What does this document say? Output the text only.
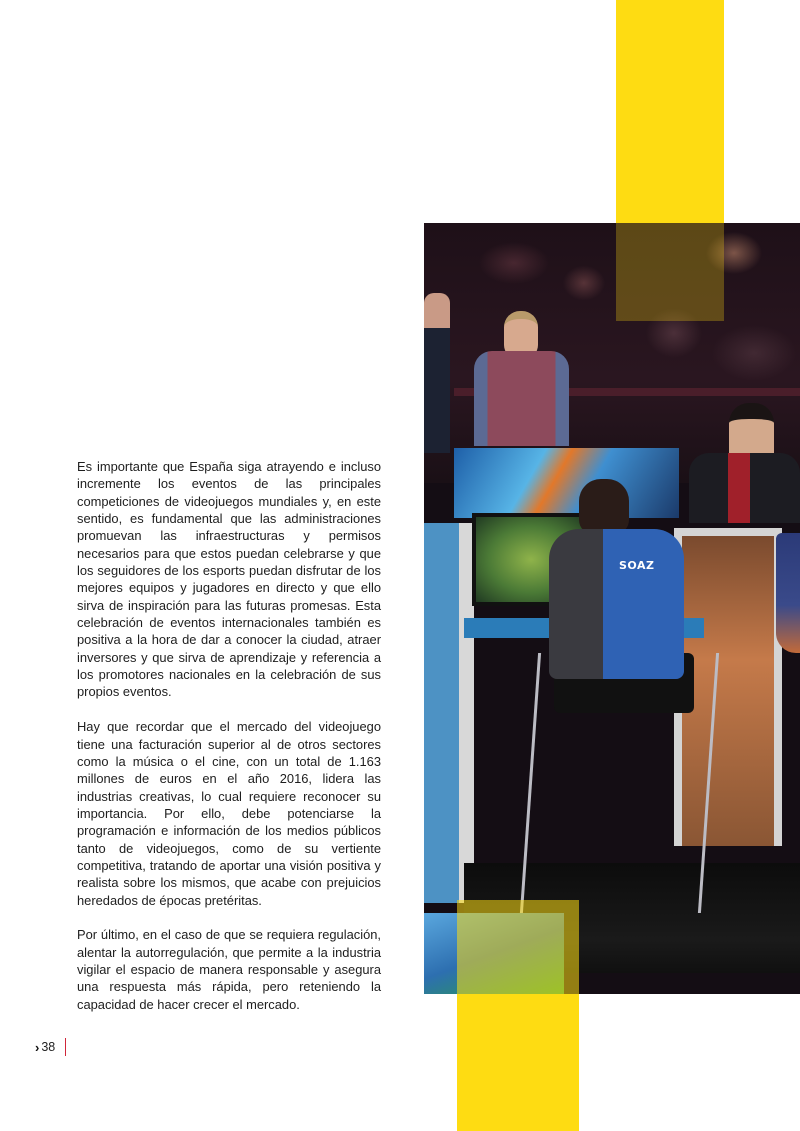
SOAZ

Es importante que España siga atrayendo e incluso incremente los eventos de las principales competiciones de videojuegos mundiales y, en este sentido, es fundamental que las administraciones promuevan las infraestructuras y permisos necesarios para que estos puedan celebrarse y que los seguidores de los esports puedan disfrutar de los mejores equipos y jugadores en directo y que ello sirva de inspiración para las futuras promesas. Esta celebración de eventos internacionales también es positiva a la hora de dar a conocer la ciudad, atraer inversores y que sirva de aprendizaje y referencia a los promotores nacionales en la celebración de sus propios eventos.

Hay que recordar que el mercado del videojuego tiene una facturación superior al de otros sectores como la música o el cine, con un total de 1.163 millones de euros en el año 2016, lidera las industrias creativas, lo cual requiere reconocer su importancia. Por ello, debe potenciarse la programación e información de los medios públicos tanto de videojuegos, como de su vertiente competitiva, tratando de aportar una visión positiva y realista sobre los mismos, que acabe con prejuicios heredados de épocas pretéritas.

Por último, en el caso de que se requiera regulación, alentar la autorregulación, que permite a la industria vigilar el espacio de manera responsable y asegura una respuesta más rápida, pero reteniendo la capacidad de hacer crecer el mercado.

› 38
